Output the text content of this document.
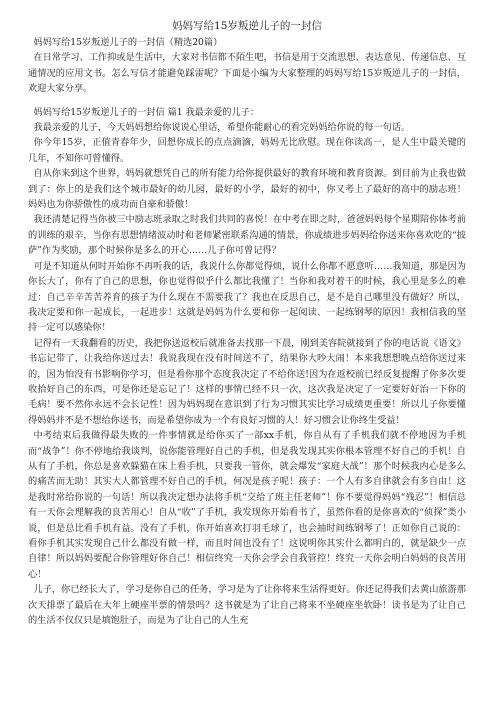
妈妈写给15岁叛逆儿子的一封信

妈妈写给15岁叛逆儿子的一封信（精选20篇）

在日常学习、工作抑或是生活中，大家对书信都不陌生吧，书信是用于交流思想、表达意见、传递信息、互通情况的应用文书。怎么写信才能避免踩雷呢？下面是小编为大家整理的妈妈写给15岁叛逆儿子的一封信，欢迎大家分享。

妈妈写给15岁叛逆儿子的一封信 篇1 我最亲爱的儿子：

我最亲爱的儿子，今天妈妈想给你说说心里话，希望你能耐心的看完妈妈给你说的每一句话。

你今年15岁，正值青春年少，回想你成长的点点滴滴，妈妈无比欣慰。现在你读高一，是人生中最关键的几年，不知你可曾懂得。

自从你来到这个世界，妈妈就想凭自己的所有能力给你提供最好的教育环境和教育资源。到目前为止我也做到了：你上的是我们这个城市最好的幼儿园，最好的小学，最好的初中，你又考上了最好的高中的励志班！妈妈也为你骄傲性的成功而自豪和骄傲！

我还清楚记得当你被三中励志班录取之时我们共同的喜悦！在中考在即之时，爸爸妈妈每个星期陪你体考前的训练的艰辛，当你有思想情绪波动时和老师紧密联系沟通的情景，你成绩进步妈妈给你送来你喜欢吃的“披萨”作为奖励，那个时候你是多么的开心……儿子你可曾记得？

可是不知道从何时开始你不再听我的话，我说什么你都觉得烦，说什么你都不愿意听……我知道，那是因为你长大了，你有了自己的思想，你也觉得似乎什么都比我懂了！当你和我对着干的时候，我心里是多么的难过：自己辛辛苦苦养育的孩子为什么现在不需要我了？我也在反思自己，是不是自己哪里没有做好？所以，我决定要和你一起成长，一起进步！这就是妈妈为什么要和你一起阅读、一起练钢琴的原因！我相信我的坚持一定可以感染你！

记得有一天我翻看的历史，我把你送返校后就准备去找那一下晨，刚到美容院就接到了你的电话说《语文》书忘记带了，让我给你送过去！我说我现在没有时间送不了，结果你大吵大闹！本来我想想晚点给你送过来的，因为怕没有书影响你学习，但是看你那个态度我决定了不给你送!因为在返校前已经反复提醒了你多次要收拾好自己的东西，可是你还是忘记了！这样的事情已经不只一次，这次我是决定了一定要好好治一下你的毛病！要不然你永远不会长记性！因为妈妈现在意识到了行为习惯其实比学习成绩更重要！所以儿子你要懂得妈妈并不是不想给你送书，而是希望你成为一个有良好习惯的人！好习惯会让你终生受益！

中考结束后我做得最失败的一件事情就是给你买了一部xx手机，你自从有了手机我们就不停地因为手机而“战争”！你不停地给我谈判，说你能管理好自己的手机，但是我发现其实你根本管理不好自己的手机！自从有了手机，你总是喜欢躲猫在床上看手机，只要我一管你，就会爆发“家庭大战”！那个时候我内心是多么的痛苦而无助！其实大人都管理不好自己的手机，何况是孩子呢！孩子：一个人有多自律就会有多自由！这是我时常给你说的一句话！所以我决定想办法将手机“交给了班主任老师”！你不要觉得妈妈“残忍”！相信总有一天你会理解我的良苦用心！自从“收”了手机，我发现你开始看书了，虽然你看的是你喜欢的“侦探”类小说，但是总比看手机有益。没有了手机，你开始喜欢打羽毛球了，也会抽时间练钢琴了！正如你自己说的：看你手机其实发现自己什么都没有做一样，而且时间也没有了！这说明你其实什么都明白的，就是缺少一点自律！所以妈妈要配合你管理好你自己！相信终究一天你会学会自我管控！终究一天你会明白妈妈的良苦用心！

儿子，你已经长大了，学习是你自己的任务，学习是为了让你将来生活得更好。你还记得我们去黄山旅游那次天排票了最后在大年上硬座半票的情景吗？这书就是为了让自己将来不坐硬座坐软卧！读书是为了让自己的生活不仅仅只是填饱肚子，而是为了让自己的人生充
